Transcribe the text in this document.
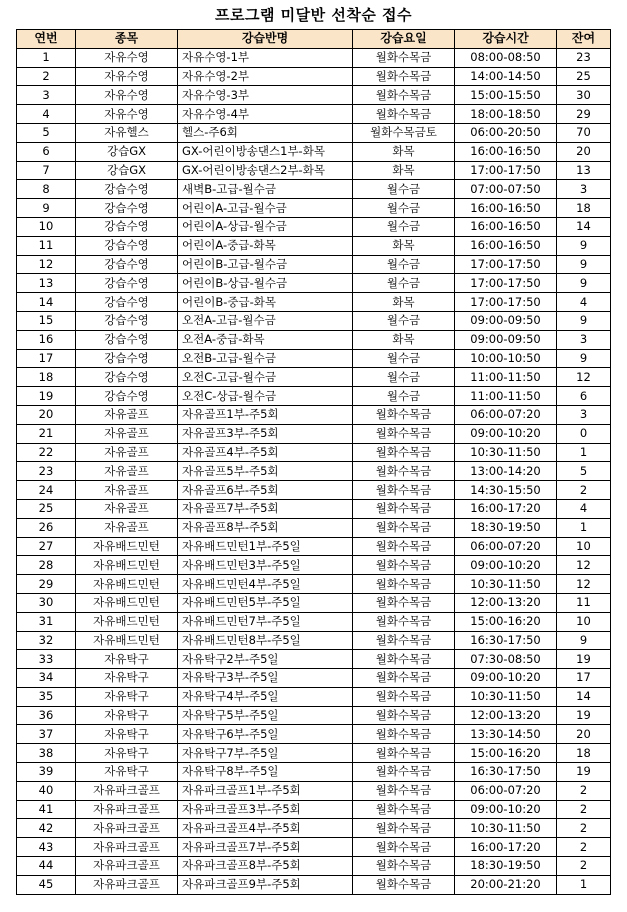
프로그램 미달반 선착순 접수
연번	종목	강습반명	강습요일	강습시간	잔여
1	자유수영	자유수영-1부	월화수목금	08:00-08:50	23
2	자유수영	자유수영-2부	월화수목금	14:00-14:50	25
3	자유수영	자유수영-3부	월화수목금	15:00-15:50	30
4	자유수영	자유수영-4부	월화수목금	18:00-18:50	29
5	자유헬스	헬스-주6회	월화수목금토	06:00-20:50	70
6	강습GX	GX-어린이방송댄스1부-화목	화목	16:00-16:50	20
7	강습GX	GX-어린이방송댄스2부-화목	화목	17:00-17:50	13
8	강습수영	새벽B-고급-월수금	월수금	07:00-07:50	3
9	강습수영	어린이A-고급-월수금	월수금	16:00-16:50	18
10	강습수영	어린이A-상급-월수금	월수금	16:00-16:50	14
11	강습수영	어린이A-중급-화목	화목	16:00-16:50	9
12	강습수영	어린이B-고급-월수금	월수금	17:00-17:50	9
13	강습수영	어린이B-상급-월수금	월수금	17:00-17:50	9
14	강습수영	어린이B-중급-화목	화목	17:00-17:50	4
15	강습수영	오전A-고급-월수금	월수금	09:00-09:50	9
16	강습수영	오전A-중급-화목	화목	09:00-09:50	3
17	강습수영	오전B-고급-월수금	월수금	10:00-10:50	9
18	강습수영	오전C-고급-월수금	월수금	11:00-11:50	12
19	강습수영	오전C-상급-월수금	월수금	11:00-11:50	6
20	자유골프	자유골프1부-주5회	월화수목금	06:00-07:20	3
21	자유골프	자유골프3부-주5회	월화수목금	09:00-10:20	0
22	자유골프	자유골프4부-주5회	월화수목금	10:30-11:50	1
23	자유골프	자유골프5부-주5회	월화수목금	13:00-14:20	5
24	자유골프	자유골프6부-주5회	월화수목금	14:30-15:50	2
25	자유골프	자유골프7부-주5회	월화수목금	16:00-17:20	4
26	자유골프	자유골프8부-주5회	월화수목금	18:30-19:50	1
27	자유배드민턴	자유배드민턴1부-주5일	월화수목금	06:00-07:20	10
28	자유배드민턴	자유배드민턴3부-주5일	월화수목금	09:00-10:20	12
29	자유배드민턴	자유배드민턴4부-주5일	월화수목금	10:30-11:50	12
30	자유배드민턴	자유배드민턴5부-주5일	월화수목금	12:00-13:20	11
31	자유배드민턴	자유배드민턴7부-주5일	월화수목금	15:00-16:20	10
32	자유배드민턴	자유배드민턴8부-주5일	월화수목금	16:30-17:50	9
33	자유탁구	자유탁구2부-주5일	월화수목금	07:30-08:50	19
34	자유탁구	자유탁구3부-주5일	월화수목금	09:00-10:20	17
35	자유탁구	자유탁구4부-주5일	월화수목금	10:30-11:50	14
36	자유탁구	자유탁구5부-주5일	월화수목금	12:00-13:20	19
37	자유탁구	자유탁구6부-주5일	월화수목금	13:30-14:50	20
38	자유탁구	자유탁구7부-주5일	월화수목금	15:00-16:20	18
39	자유탁구	자유탁구8부-주5일	월화수목금	16:30-17:50	19
40	자유파크골프	자유파크골프1부-주5회	월화수목금	06:00-07:20	2
41	자유파크골프	자유파크골프3부-주5회	월화수목금	09:00-10:20	2
42	자유파크골프	자유파크골프4부-주5회	월화수목금	10:30-11:50	2
43	자유파크골프	자유파크골프7부-주5회	월화수목금	16:00-17:20	2
44	자유파크골프	자유파크골프8부-주5회	월화수목금	18:30-19:50	2
45	자유파크골프	자유파크골프9부-주5회	월화수목금	20:00-21:20	1
